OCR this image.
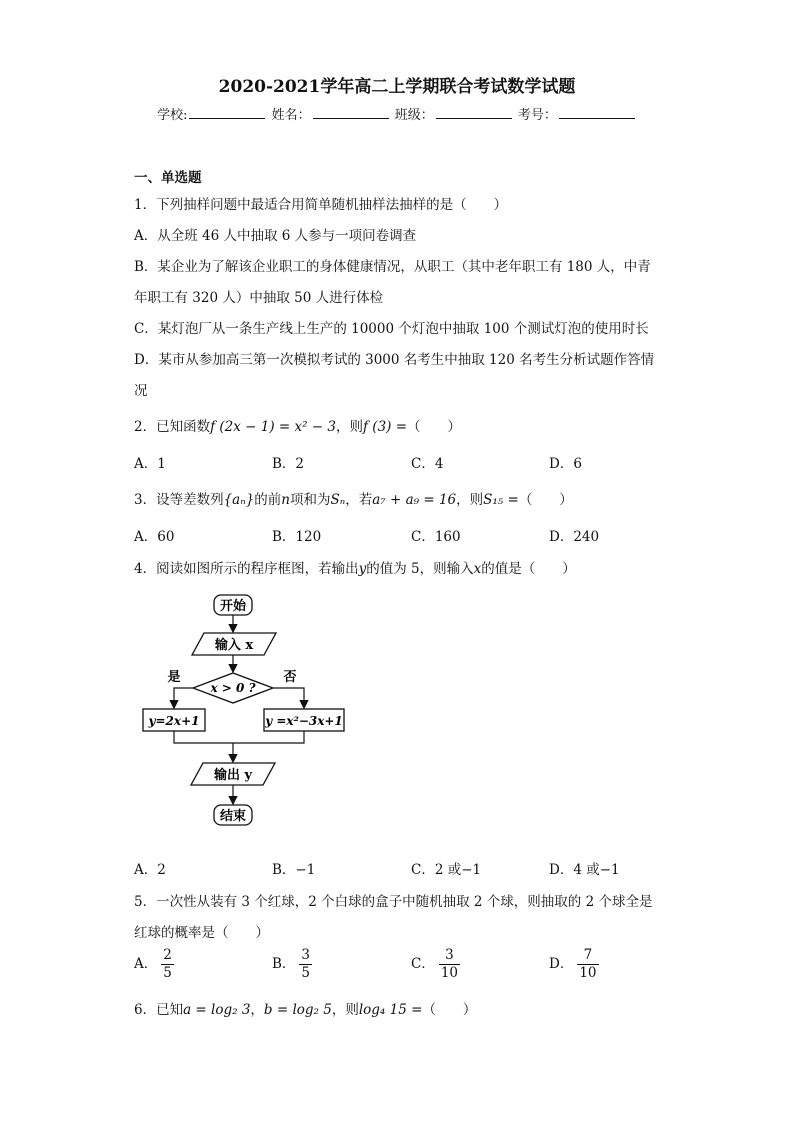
2020-2021学年高二上学期联合考试数学试题
学校:	姓名：	班级：	考号：
一、单选题
1．下列抽样问题中最适合用简单随机抽样法抽样的是（　　）
A．从全班 46 人中抽取 6 人参与一项问卷调查
B．某企业为了解该企业职工的身体健康情况，从职工（其中老年职工有 180 人，中青
年职工有 320 人）中抽取 50 人进行体检
C．某灯泡厂从一条生产线上生产的 10000 个灯泡中抽取 100 个测试灯泡的使用时长
D．某市从参加高三第一次模拟考试的 3000 名考生中抽取 120 名考生分析试题作答情
况
2．已知函数f (2x − 1) = x² − 3，则f (3) =（　　）
A．1	B．2	C．4	D．6
3．设等差数列{aₙ}的前n项和为Sₙ，若a₇ + a₉ = 16，则S₁₅ =（　　）
A．60	B．120	C．160	D．240
4．阅读如图所示的程序框图，若输出y的值为 5，则输入x的值是（　　）
开始
输入 x
x > 0 ?
是	否
y=2x+1	y =x²−3x+1
输出 y
结束
A．2	B．−1	C．2 或−1	D．4 或−1
5．一次性从装有 3 个红球，2 个白球的盒子中随机抽取 2 个球，则抽取的 2 个球全是
红球的概率是（　　）
A． $\frac{2}{5}$	B． $\frac{3}{5}$	C． $\frac{3}{10}$	D． $\frac{7}{10}$
6．已知a = log₂ 3，b = log₂ 5，则log₄ 15 =（　　）
